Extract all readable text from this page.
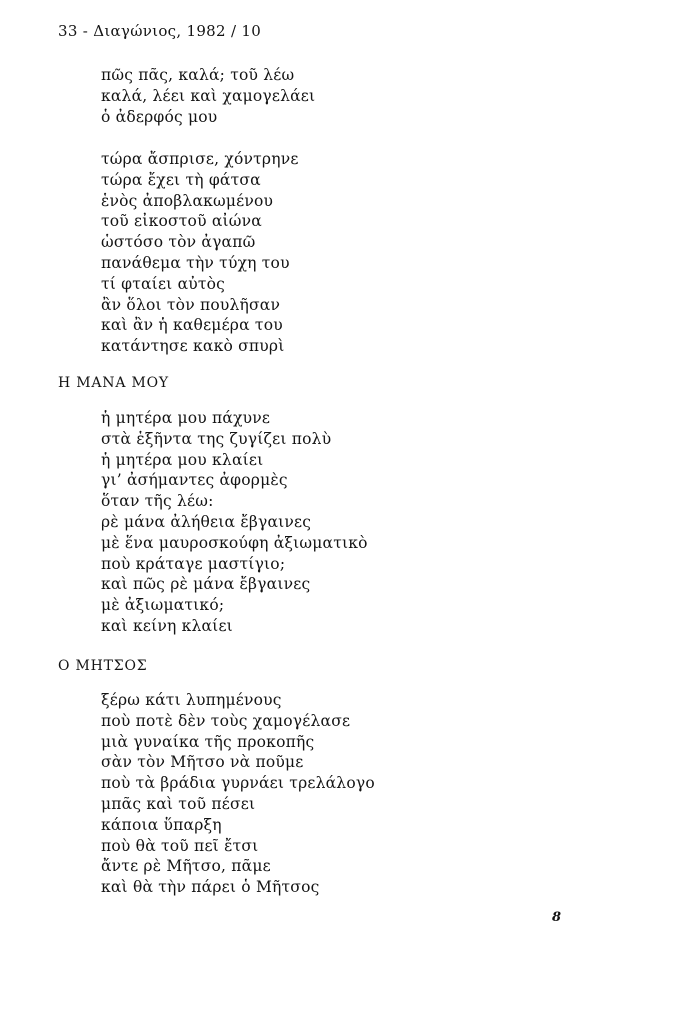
33 - Διαγώνιος, 1982 / 10
πῶς πᾶς, καλά; τοῦ λέω
καλά, λέει καὶ χαμογελάει
ὁ ἀδερφός μου
τώρα ἄσπρισε, χόντρηνε
τώρα ἔχει τὴ φάτσα
ἑνὸς ἀποβλακωμένου
τοῦ εἰκοστοῦ αἰώνα
ὡστόσο τὸν ἀγαπῶ
πανάθεμα τὴν τύχη του
τί φταίει αὐτὸς
ἂν ὅλοι τὸν πουλῆσαν
καὶ ἂν ἡ καθεμέρα του
κατάντησε κακὸ σπυρὶ
Η ΜΑΝΑ ΜΟΥ
ἡ μητέρα μου πάχυνε
στὰ ἑξῆντα της ζυγίζει πολὺ
ἡ μητέρα μου κλαίει
γι’ ἀσήμαντες ἀφορμὲς
ὅταν τῆς λέω:
ρὲ μάνα ἀλήθεια ἔβγαινες
μὲ ἕνα μαυροσκούφη ἀξιωματικὸ
ποὺ κράταγε μαστίγιο;
καὶ πῶς ρὲ μάνα ἔβγαινες
μὲ ἀξιωματικό;
καὶ κείνη κλαίει
Ο ΜΗΤΣΟΣ
ξέρω κάτι λυπημένους
ποὺ ποτὲ δὲν τοὺς χαμογέλασε
μιὰ γυναίκα τῆς προκοπῆς
σὰν τὸν Μῆτσο νὰ ποῦμε
ποὺ τὰ βράδια γυρνάει τρελάλογο
μπᾶς καὶ τοῦ πέσει
κάποια ὕπαρξη
ποὺ θὰ τοῦ πεῖ ἔτσι
ἄντε ρὲ Μῆτσο, πᾶμε
καὶ θὰ τὴν πάρει ὁ Μῆτσος
8
